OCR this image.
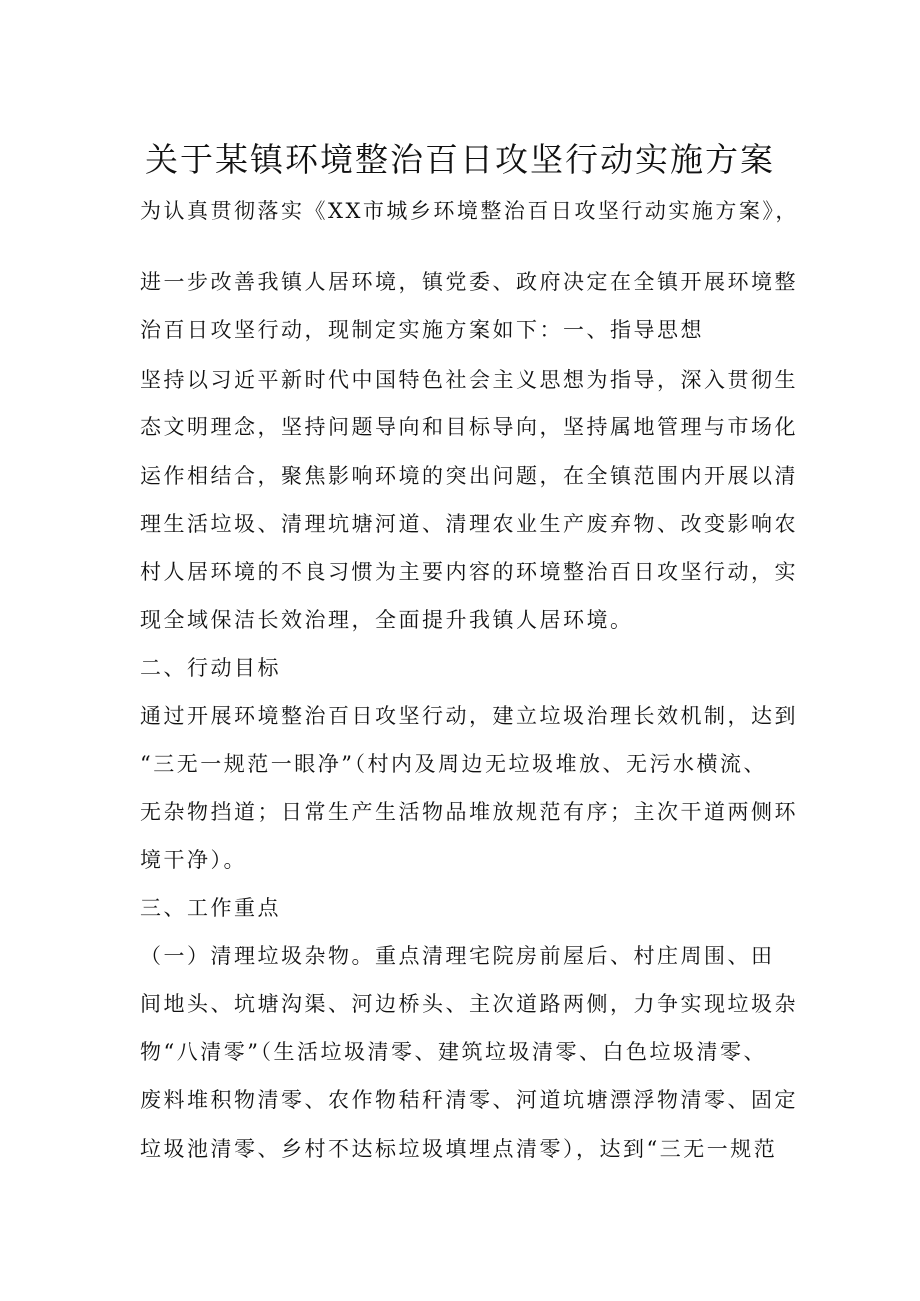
关于某镇环境整治百日攻坚行动实施方案

为认真贯彻落实《XX市城乡环境整治百日攻坚行动实施方案》，

进一步改善我镇人居环境，镇党委、政府决定在全镇开展环境整

治百日攻坚行动，现制定实施方案如下：一、指导思想

坚持以习近平新时代中国特色社会主义思想为指导，深入贯彻生

态文明理念，坚持问题导向和目标导向，坚持属地管理与市场化

运作相结合，聚焦影响环境的突出问题，在全镇范围内开展以清

理生活垃圾、清理坑塘河道、清理农业生产废弃物、改变影响农

村人居环境的不良习惯为主要内容的环境整治百日攻坚行动，实

现全域保洁长效治理，全面提升我镇人居环境。

二、行动目标

通过开展环境整治百日攻坚行动，建立垃圾治理长效机制，达到

“三无一规范一眼净”（村内及周边无垃圾堆放、无污水横流、

无杂物挡道；日常生产生活物品堆放规范有序；主次干道两侧环

境干净）。

三、工作重点

（一）清理垃圾杂物。重点清理宅院房前屋后、村庄周围、田

间地头、坑塘沟渠、河边桥头、主次道路两侧，力争实现垃圾杂

物“八清零”（生活垃圾清零、建筑垃圾清零、白色垃圾清零、

废料堆积物清零、农作物秸秆清零、河道坑塘漂浮物清零、固定

垃圾池清零、乡村不达标垃圾填埋点清零），达到“三无一规范
